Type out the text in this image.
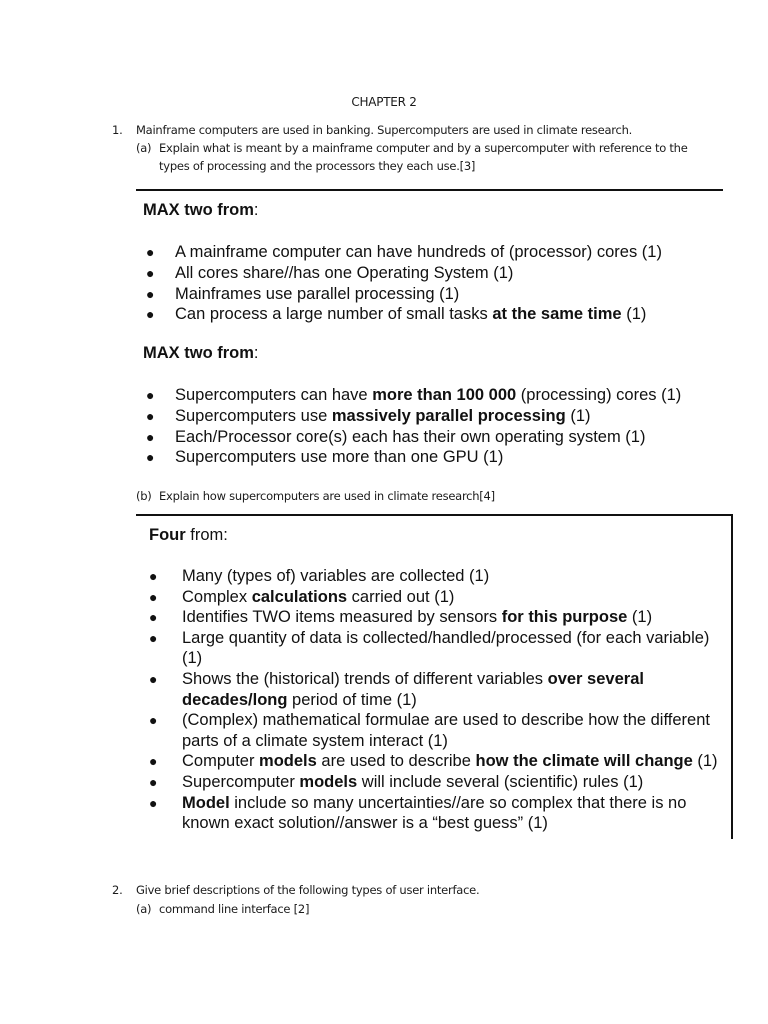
CHAPTER 2
1. Mainframe computers are used in banking. Supercomputers are used in climate research.
(a) Explain what is meant by a mainframe computer and by a supercomputer with reference to the types of processing and the processors they each use.[3]
MAX two from:
● A mainframe computer can have hundreds of (processor) cores (1)
● All cores share//has one Operating System (1)
● Mainframes use parallel processing (1)
● Can process a large number of small tasks at the same time (1)
MAX two from:
● Supercomputers can have more than 100 000 (processing) cores (1)
● Supercomputers use massively parallel processing (1)
● Each/Processor core(s) each has their own operating system (1)
● Supercomputers use more than one GPU (1)
(b) Explain how supercomputers are used in climate research[4]
Four from:
● Many (types of) variables are collected (1)
● Complex calculations carried out (1)
● Identifies TWO items measured by sensors for this purpose (1)
● Large quantity of data is collected/handled/processed (for each variable) (1)
● Shows the (historical) trends of different variables over several decades/long period of time (1)
● (Complex) mathematical formulae are used to describe how the different parts of a climate system interact (1)
● Computer models are used to describe how the climate will change (1)
● Supercomputer models will include several (scientific) rules (1)
● Model include so many uncertainties//are so complex that there is no known exact solution//answer is a “best guess” (1)
2. Give brief descriptions of the following types of user interface.
(a) command line interface [2]
